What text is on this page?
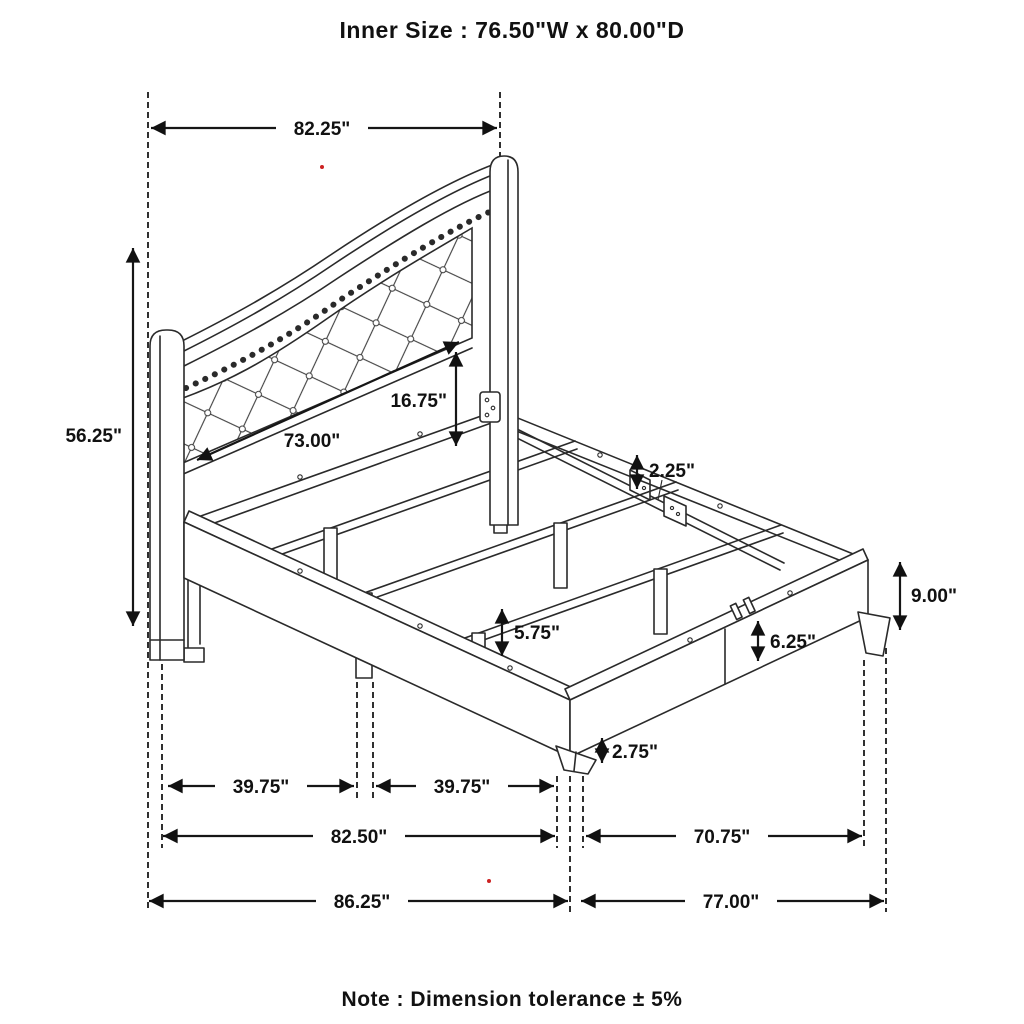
Inner Size : 76.50"W x 80.00"D
Note : Dimension tolerance ± 5%
82.25"
56.25"	73.00"
16.75"
2.25"
9.00"
6.25"
5.75"
2.75"
39.75"	39.75"
82.50"	70.75"
86.25"	77.00"
